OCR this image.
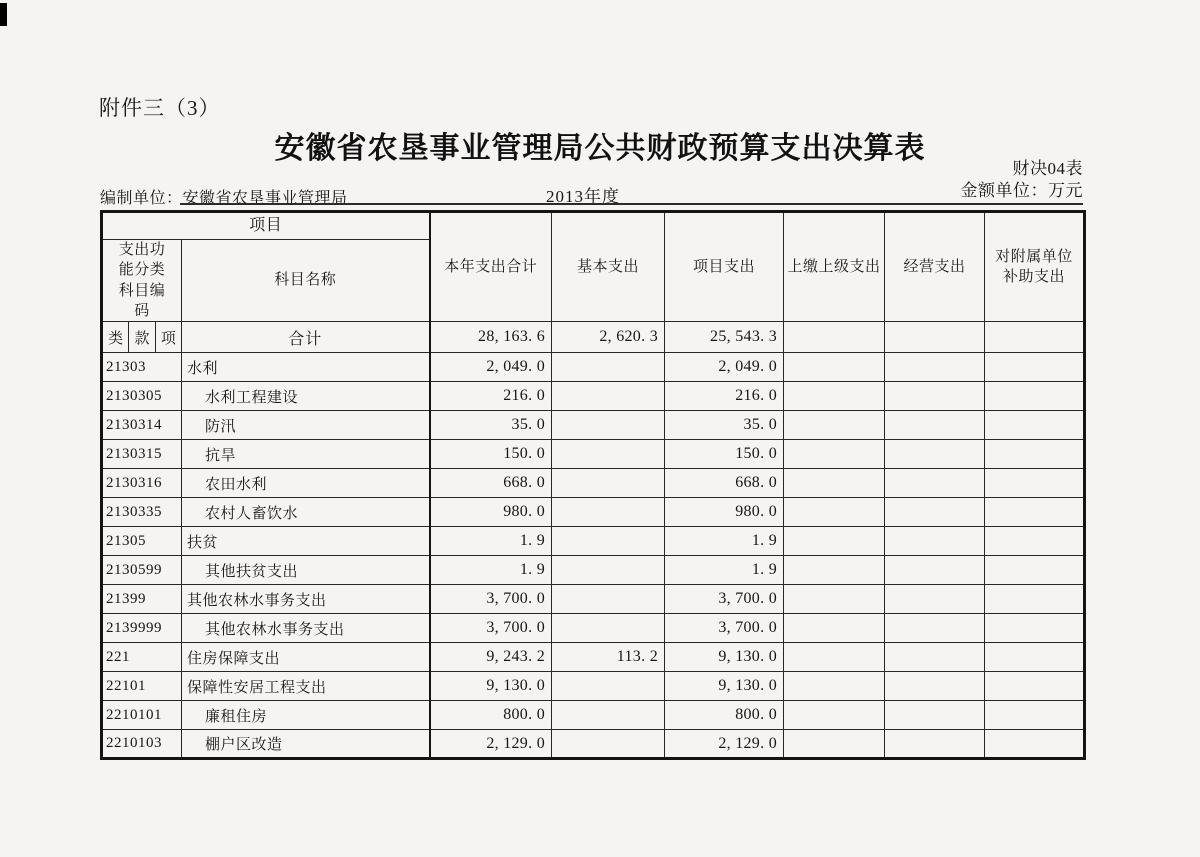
附件三（3）
安徽省农垦事业管理局公共财政预算支出决算表
财决04表
金额单位：万元
编制单位：安徽省农垦事业管理局	2013年度
项目		本年支出合计	基本支出	项目支出	上缴上级支出	经营支出	对附属单位补助支出
支出功能分类科目编码	科目名称						

类 款 项	合计	28, 163. 6	2, 620. 3	25, 543. 3			
21303	水利	2, 049. 0		2, 049. 0			
2130305	水利工程建设	216. 0		216. 0			
2130314	防汛	35. 0		35. 0			
2130315	抗旱	150. 0		150. 0			
2130316	农田水利	668. 0		668. 0			
2130335	农村人畜饮水	980. 0		980. 0			
21305	扶贫	1. 9		1. 9			
2130599	其他扶贫支出	1. 9		1. 9			
21399	其他农林水事务支出	3, 700. 0		3, 700. 0			
2139999	其他农林水事务支出	3, 700. 0		3, 700. 0			
221	住房保障支出	9, 243. 2	113. 2	9, 130. 0			
22101	保障性安居工程支出	9, 130. 0		9, 130. 0			
2210101	廉租住房	800. 0		800. 0			
2210103	棚户区改造	2, 129. 0		2, 129. 0			
